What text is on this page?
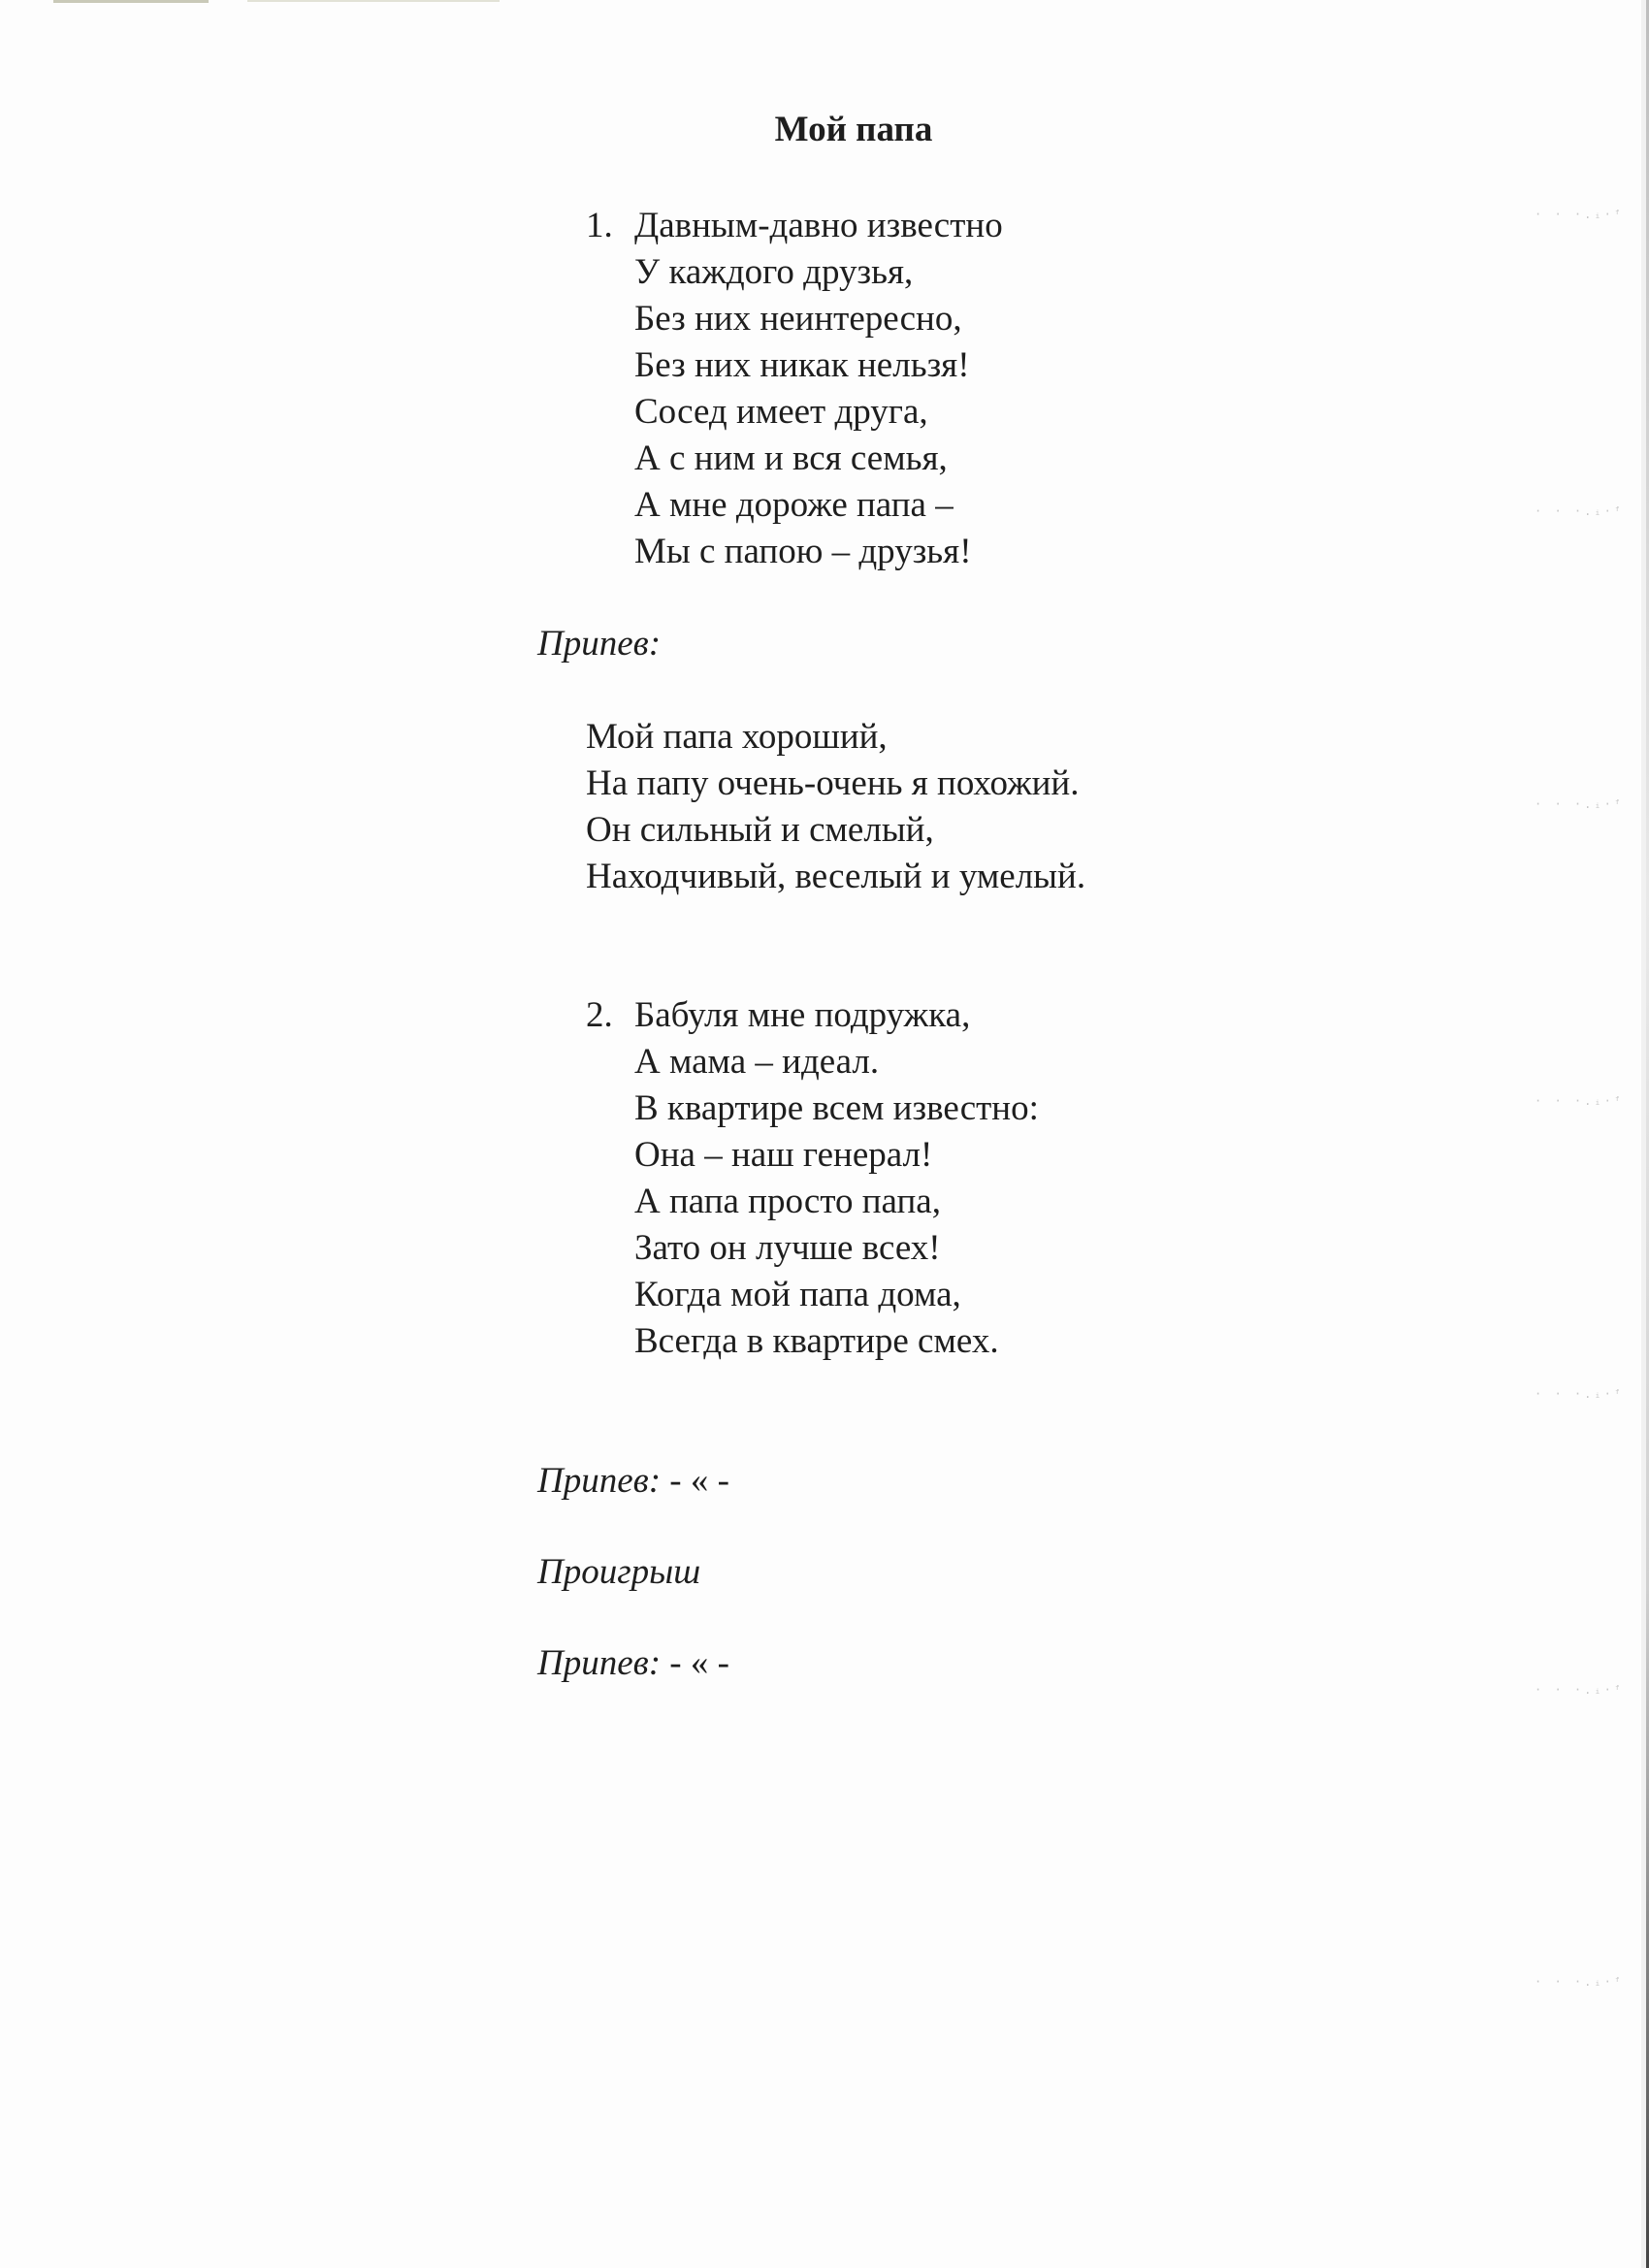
· · ·.ᵢ·ᶠ
· · ·.ᵢ·ᶠ
· · ·.ᵢ·ᶠ
· · ·.ᵢ·ᶠ
· · ·.ᵢ·ᶠ
· · ·.ᵢ·ᶠ
· · ·.ᵢ·ᶠ
Мой папа
1. Давным-давно известно
У каждого друзья,
Без них неинтересно,
Без них никак нельзя!
Сосед имеет друга,
А с ним и вся семья,
А мне дороже папа –
Мы с папою – друзья!
Припев:
Мой папа хороший,
На папу очень-очень я похожий.
Он сильный и смелый,
Находчивый, веселый и умелый.
2. Бабуля мне подружка,
А мама – идеал.
В квартире всем известно:
Она – наш генерал!
А папа просто папа,
Зато он лучше всех!
Когда мой папа дома,
Всегда в квартире смех.
Припев: - « -
Проигрыш
Припев: - « -
